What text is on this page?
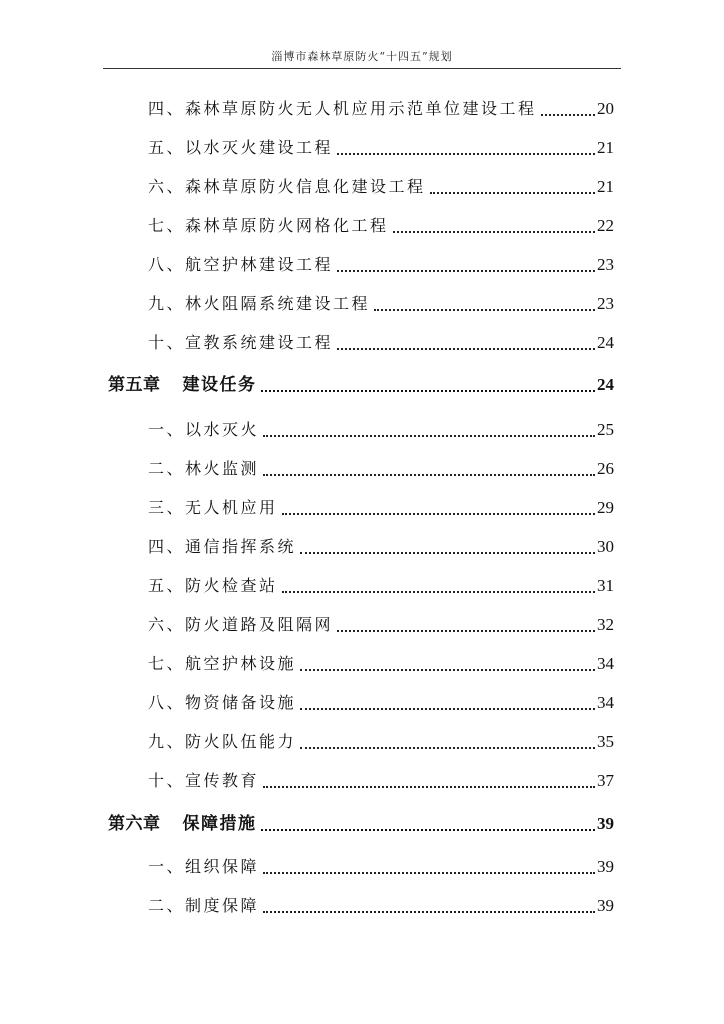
淄博市森林草原防火“十四五”规划
四、森林草原防火无人机应用示范单位建设工程	20
五、以水灭火建设工程	21
六、森林草原防火信息化建设工程	21
七、森林草原防火网格化工程	22
八、航空护林建设工程	23
九、林火阻隔系统建设工程	23
十、宣教系统建设工程	24
第五章 建设任务	24
一、以水灭火	25
二、林火监测	26
三、无人机应用	29
四、通信指挥系统	30
五、防火检查站	31
六、防火道路及阻隔网	32
七、航空护林设施	34
八、物资储备设施	34
九、防火队伍能力	35
十、宣传教育	37
第六章 保障措施	39
一、组织保障	39
二、制度保障	39
